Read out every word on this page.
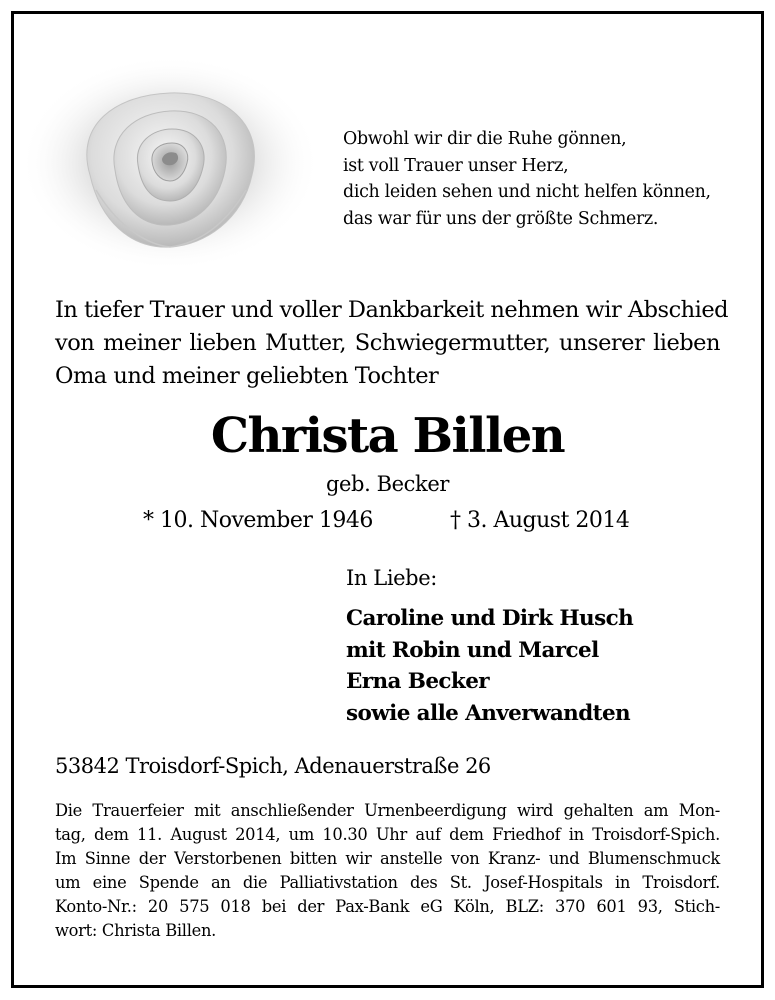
Obwohl wir dir die Ruhe gönnen,
ist voll Trauer unser Herz,
dich leiden sehen und nicht helfen können,
das war für uns der größte Schmerz.
In tiefer Trauer und voller Dankbarkeit nehmen wir Abschied
von meiner lieben Mutter, Schwiegermutter, unserer lieben
Oma und meiner geliebten Tochter
Christa Billen
geb. Becker
* 10. November 1946	† 3. August 2014
In Liebe:
Caroline und Dirk Husch
mit Robin und Marcel
Erna Becker
sowie alle Anverwandten
53842 Troisdorf-Spich, Adenauerstraße 26
Die Trauerfeier mit anschließender Urnenbeerdigung wird gehalten am Mon-
tag, dem 11. August 2014, um 10.30 Uhr auf dem Friedhof in Troisdorf-Spich.
Im Sinne der Verstorbenen bitten wir anstelle von Kranz- und Blumenschmuck
um eine Spende an die Palliativstation des St. Josef-Hospitals in Troisdorf.
Konto-Nr.: 20 575 018 bei der Pax-Bank eG Köln, BLZ: 370 601 93, Stich-
wort: Christa Billen.
